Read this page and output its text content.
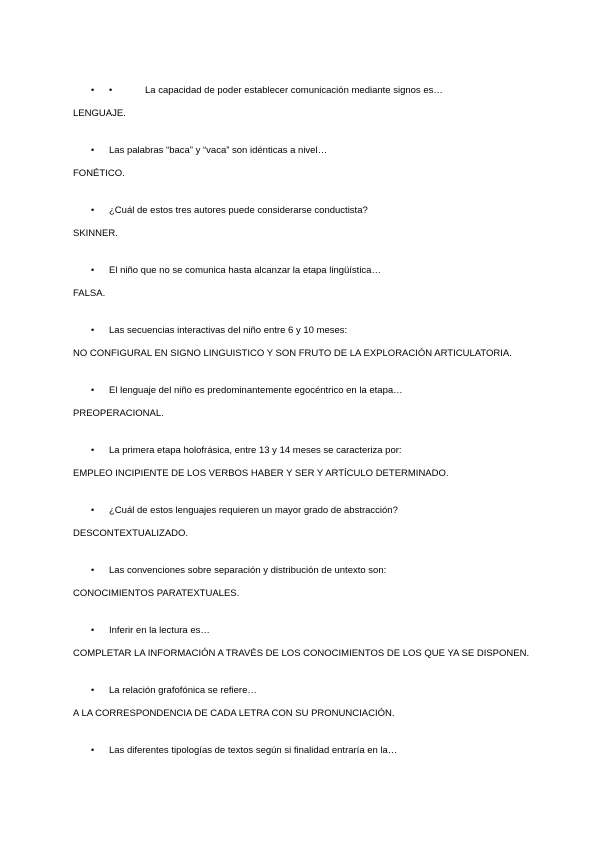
• •	La capacidad de poder establecer comunicación mediante signos es…
LENGUAJE.
• Las palabras “baca” y “vaca” son idénticas a nivel…
FONÉTICO.
• ¿Cuál de estos tres autores puede considerarse conductista?
SKINNER.
• El niño que no se comunica hasta alcanzar la etapa lingüística…
FALSA.
• Las secuencias interactivas del niño entre 6 y 10 meses:
NO CONFIGURAL EN SIGNO LINGUISTICO Y SON FRUTO DE LA EXPLORACIÓN ARTICULATORIA.
• El lenguaje del niño es predominantemente egocéntrico en la etapa…
PREOPERACIONAL.
• La primera etapa holofrásica, entre 13 y 14 meses se caracteriza por:
EMPLEO INCIPIENTE DE LOS VERBOS HABER Y SER Y ARTÍCULO DETERMINADO.
• ¿Cuál de estos lenguajes requieren un mayor grado de abstracción?
DESCONTEXTUALIZADO.
• Las convenciones sobre separación y distribución de untexto son:
CONOCIMIENTOS PARATEXTUALES.
• Inferir en la lectura es…
COMPLETAR LA INFORMACIÓN A TRAVÉS DE LOS CONOCIMIENTOS DE LOS QUE YA SE DISPONEN.
• La relación grafofónica se refiere…
A LA CORRESPONDENCIA DE CADA LETRA CON SU PRONUNCIACIÓN.
• Las diferentes tipologías de textos según si finalidad entraría en la…
